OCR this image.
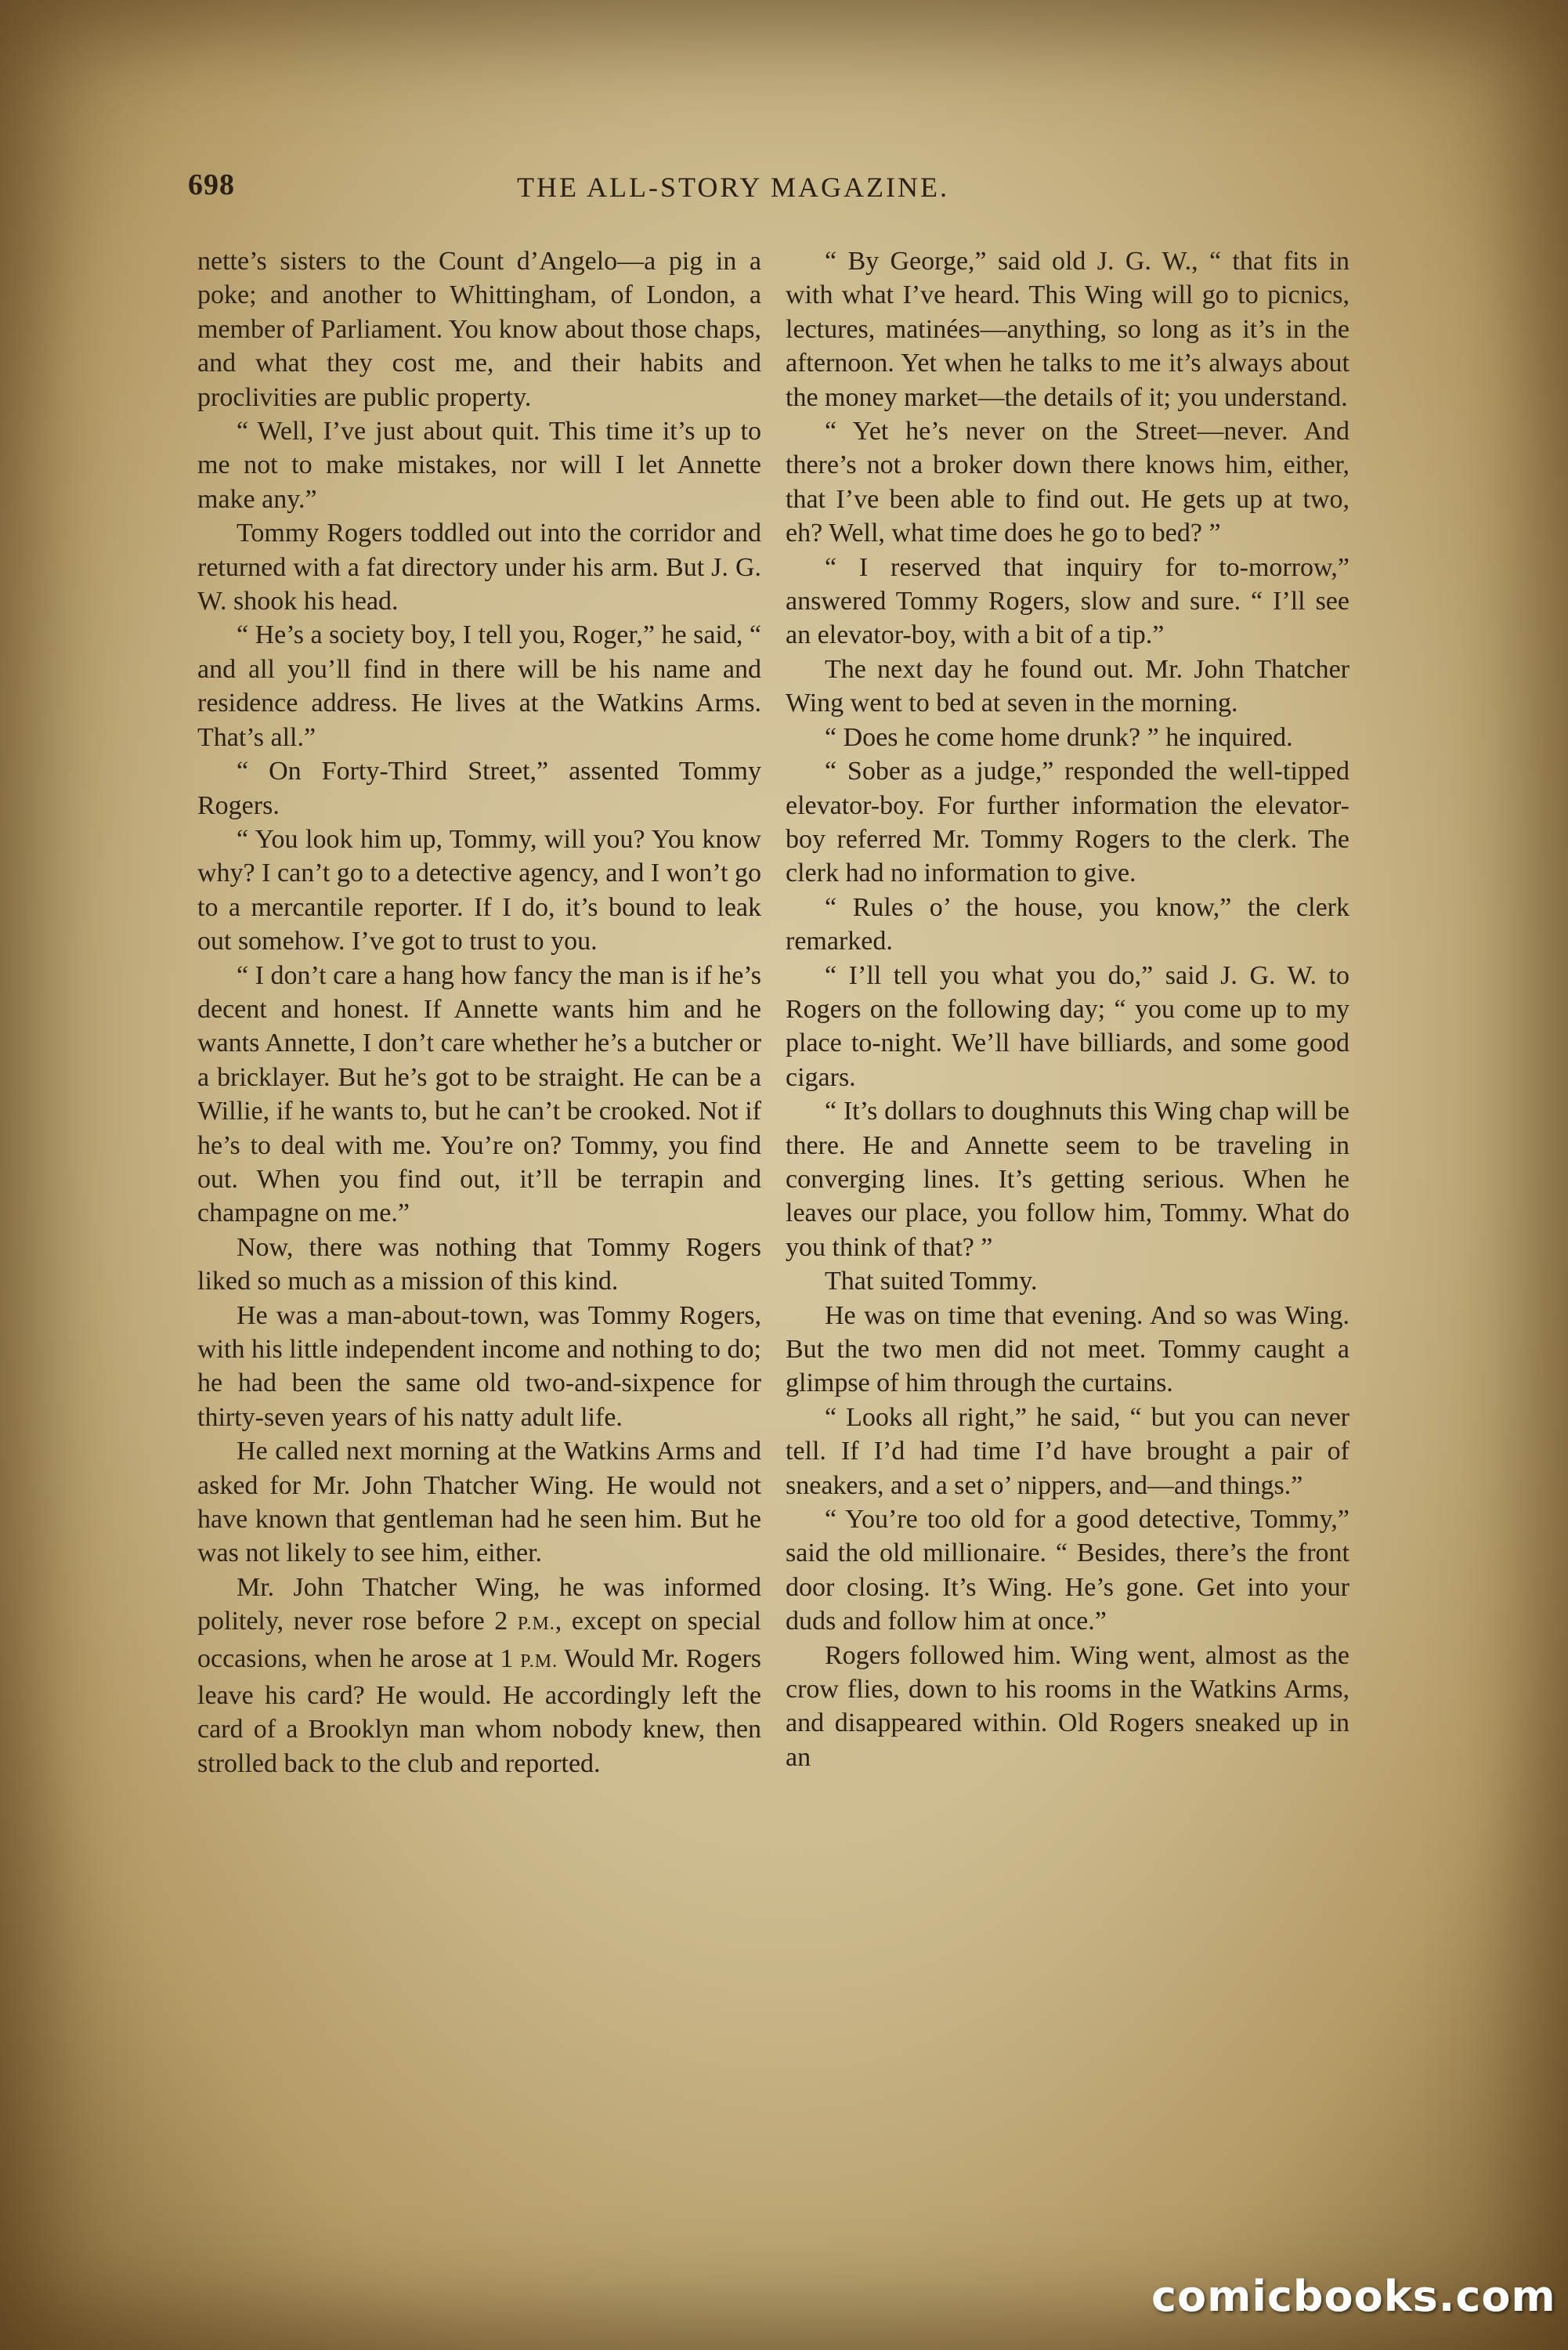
698	THE ALL-STORY MAGAZINE.

nette’s sisters to the Count d’Angelo—a pig in a poke; and another to Whittingham, of London, a member of Parliament. You know about those chaps, and what they cost me, and their habits and proclivities are public property.

“ Well, I’ve just about quit. This time it’s up to me not to make mistakes, nor will I let Annette make any.”

Tommy Rogers toddled out into the corridor and returned with a fat directory under his arm. But J. G. W. shook his head.

“ He’s a society boy, I tell you, Roger,” he said, “ and all you’ll find in there will be his name and residence address. He lives at the Watkins Arms. That’s all.”

“ On Forty-Third Street,” assented Tommy Rogers.

“ You look him up, Tommy, will you? You know why? I can’t go to a detective agency, and I won’t go to a mercantile reporter. If I do, it’s bound to leak out somehow. I’ve got to trust to you.

“ I don’t care a hang how fancy the man is if he’s decent and honest. If Annette wants him and he wants Annette, I don’t care whether he’s a butcher or a bricklayer. But he’s got to be straight. He can be a Willie, if he wants to, but he can’t be crooked. Not if he’s to deal with me. You’re on? Tommy, you find out. When you find out, it’ll be terrapin and champagne on me.”

Now, there was nothing that Tommy Rogers liked so much as a mission of this kind.

He was a man-about-town, was Tommy Rogers, with his little independent income and nothing to do; he had been the same old two-and-sixpence for thirty-seven years of his natty adult life.

He called next morning at the Watkins Arms and asked for Mr. John Thatcher Wing. He would not have known that gentleman had he seen him. But he was not likely to see him, either.

Mr. John Thatcher Wing, he was informed politely, never rose before 2 P.M., except on special occasions, when he arose at 1 P.M. Would Mr. Rogers leave his card? He would. He accordingly left the card of a Brooklyn man whom nobody knew, then strolled back to the club and reported.

“ By George,” said old J. G. W., “ that fits in with what I’ve heard. This Wing will go to picnics, lectures, matinées—anything, so long as it’s in the afternoon. Yet when he talks to me it’s always about the money market—the details of it; you understand.

“ Yet he’s never on the Street—never. And there’s not a broker down there knows him, either, that I’ve been able to find out. He gets up at two, eh? Well, what time does he go to bed? ”

“ I reserved that inquiry for to-morrow,” answered Tommy Rogers, slow and sure. “ I’ll see an elevator-boy, with a bit of a tip.”

The next day he found out. Mr. John Thatcher Wing went to bed at seven in the morning.

“ Does he come home drunk? ” he inquired.

“ Sober as a judge,” responded the well-tipped elevator-boy. For further information the elevator-boy referred Mr. Tommy Rogers to the clerk. The clerk had no information to give.

“ Rules o’ the house, you know,” the clerk remarked.

“ I’ll tell you what you do,” said J. G. W. to Rogers on the following day; “ you come up to my place to-night. We’ll have billiards, and some good cigars.

“ It’s dollars to doughnuts this Wing chap will be there. He and Annette seem to be traveling in converging lines. It’s getting serious. When he leaves our place, you follow him, Tommy. What do you think of that? ”

That suited Tommy.

He was on time that evening. And so was Wing. But the two men did not meet. Tommy caught a glimpse of him through the curtains.

“ Looks all right,” he said, “ but you can never tell. If I’d had time I’d have brought a pair of sneakers, and a set o’ nippers, and—and things.”

“ You’re too old for a good detective, Tommy,” said the old millionaire. “ Besides, there’s the front door closing. It’s Wing. He’s gone. Get into your duds and follow him at once.”

Rogers followed him. Wing went, almost as the crow flies, down to his rooms in the Watkins Arms, and disappeared within. Old Rogers sneaked up in an

comicbooks.com
